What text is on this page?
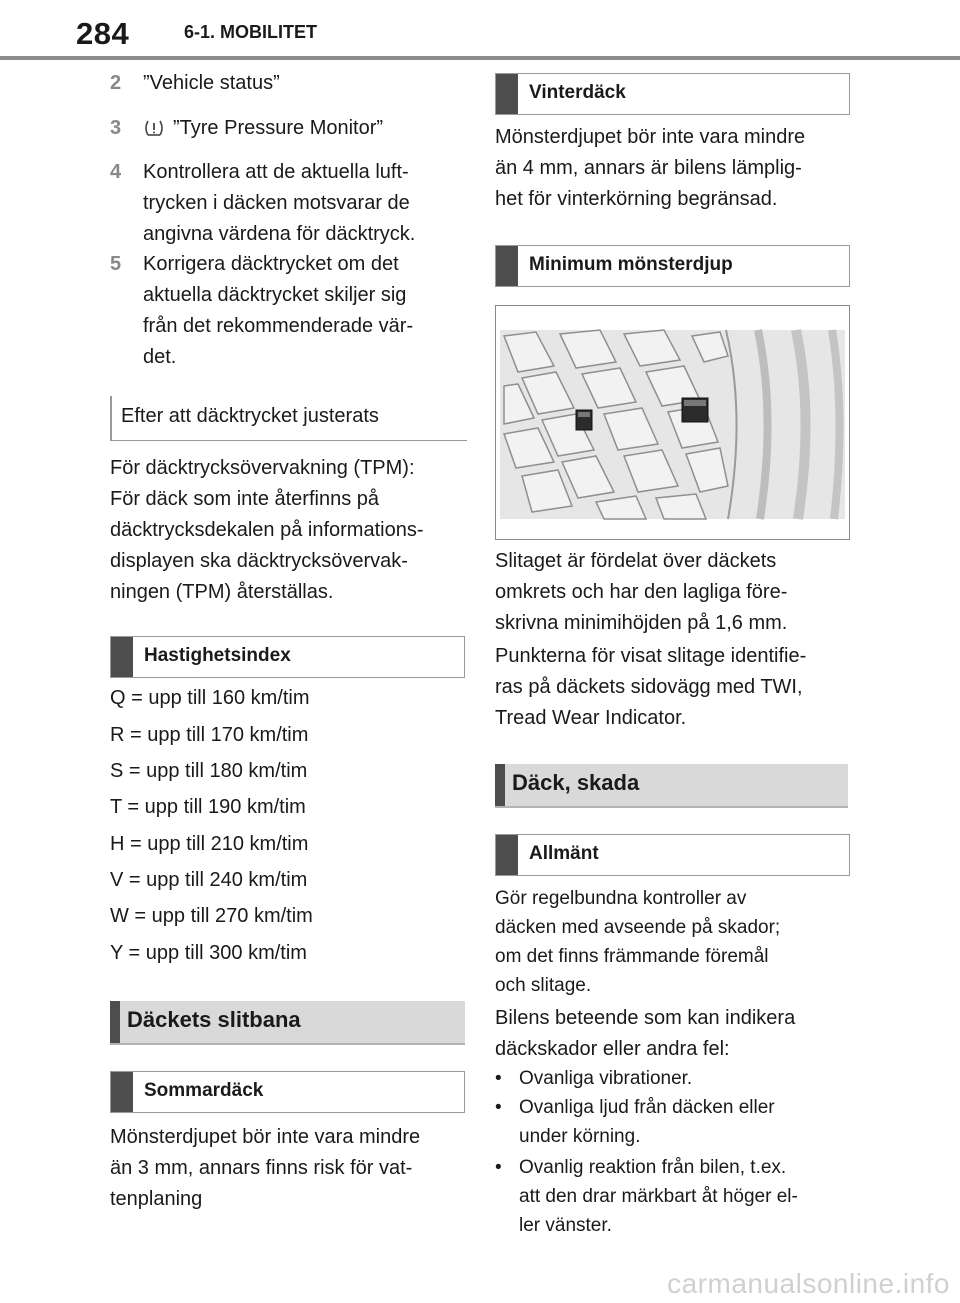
284	6-1. MOBILITET
2 ”Vehicle status”
3	”Tyre Pressure Monitor”
4 Kontrollera att de aktuella luft-
trycken i däcken motsvarar de
angivna värdena för däcktryck.
5 Korrigera däcktrycket om det
aktuella däcktrycket skiljer sig
från det rekommenderade vär-
det.
Efter att däcktrycket justerats

För däcktrycksövervakning (TPM):

För däck som inte återfinns på

däcktrycksdekalen på informations-

displayen ska däcktrycksövervak-

ningen (TPM) återställas.

Hastighetsindex

Q = upp till 160 km/tim

R = upp till 170 km/tim

S = upp till 180 km/tim

T = upp till 190 km/tim

H = upp till 210 km/tim

V = upp till 240 km/tim

W = upp till 270 km/tim

Y = upp till 300 km/tim

Däckets slitbana
Sommardäck

Mönsterdjupet bör inte vara mindre

än 3 mm, annars finns risk för vat-

tenplaning

Vinterdäck

Mönsterdjupet bör inte vara mindre

än 4 mm, annars är bilens lämplig-

het för vinterkörning begränsad.

Minimum mönsterdjup

Slitaget är fördelat över däckets

omkrets och har den lagliga före-

skrivna minimihöjden på 1,6 mm.

Punkterna för visat slitage identifie-

ras på däckets sidovägg med TWI,

Tread Wear Indicator.

Däck, skada
Allmänt

Gör regelbundna kontroller av

däcken med avseende på skador;

om det finns främmande föremål

och slitage.

Bilens beteende som kan indikera

däckskador eller andra fel:

• Ovanliga vibrationer.
• Ovanliga ljud från däcken eller
under körning.
• Ovanlig reaktion från bilen, t.ex.
att den drar märkbart åt höger el-
ler vänster.
carmanualsonline.info
